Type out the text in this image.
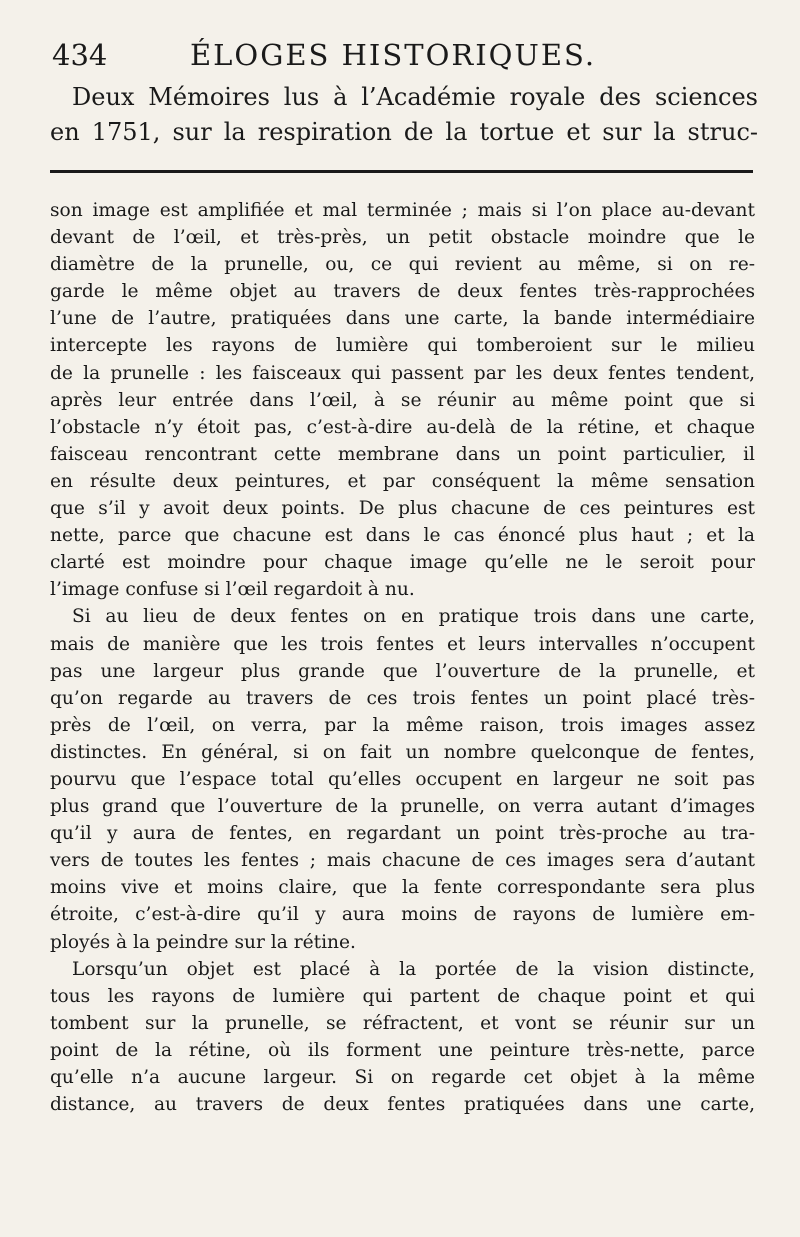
434	ÉLOGES HISTORIQUES.
Deux Mémoires lus à l’Académie royale des sciences
en 1751, sur la respiration de la tortue et sur la struc-
son image est amplifiée et mal terminée ; mais si l’on place au-devant
devant de l’œil, et très-près, un petit obstacle moindre que le
diamètre de la prunelle, ou, ce qui revient au même, si on re-
garde le même objet au travers de deux fentes très-rapprochées
l’une de l’autre, pratiquées dans une carte, la bande intermédiaire
intercepte les rayons de lumière qui tomberoient sur le milieu
de la prunelle : les faisceaux qui passent par les deux fentes tendent,
après leur entrée dans l’œil, à se réunir au même point que si
l’obstacle n’y étoit pas, c’est-à-dire au-delà de la rétine, et chaque
faisceau rencontrant cette membrane dans un point particulier, il
en résulte deux peintures, et par conséquent la même sensation
que s’il y avoit deux points. De plus chacune de ces peintures est
nette, parce que chacune est dans le cas énoncé plus haut ; et la
clarté est moindre pour chaque image qu’elle ne le seroit pour
l’image confuse si l’œil regardoit à nu.
Si au lieu de deux fentes on en pratique trois dans une carte,
mais de manière que les trois fentes et leurs intervalles n’occupent
pas une largeur plus grande que l’ouverture de la prunelle, et
qu’on regarde au travers de ces trois fentes un point placé très-
près de l’œil, on verra, par la même raison, trois images assez
distinctes. En général, si on fait un nombre quelconque de fentes,
pourvu que l’espace total qu’elles occupent en largeur ne soit pas
plus grand que l’ouverture de la prunelle, on verra autant d’images
qu’il y aura de fentes, en regardant un point très-proche au tra-
vers de toutes les fentes ; mais chacune de ces images sera d’autant
moins vive et moins claire, que la fente correspondante sera plus
étroite, c’est-à-dire qu’il y aura moins de rayons de lumière em-
ployés à la peindre sur la rétine.
Lorsqu’un objet est placé à la portée de la vision distincte,
tous les rayons de lumière qui partent de chaque point et qui
tombent sur la prunelle, se réfractent, et vont se réunir sur un
point de la rétine, où ils forment une peinture très-nette, parce
qu’elle n’a aucune largeur. Si on regarde cet objet à la même
distance, au travers de deux fentes pratiquées dans une carte,
